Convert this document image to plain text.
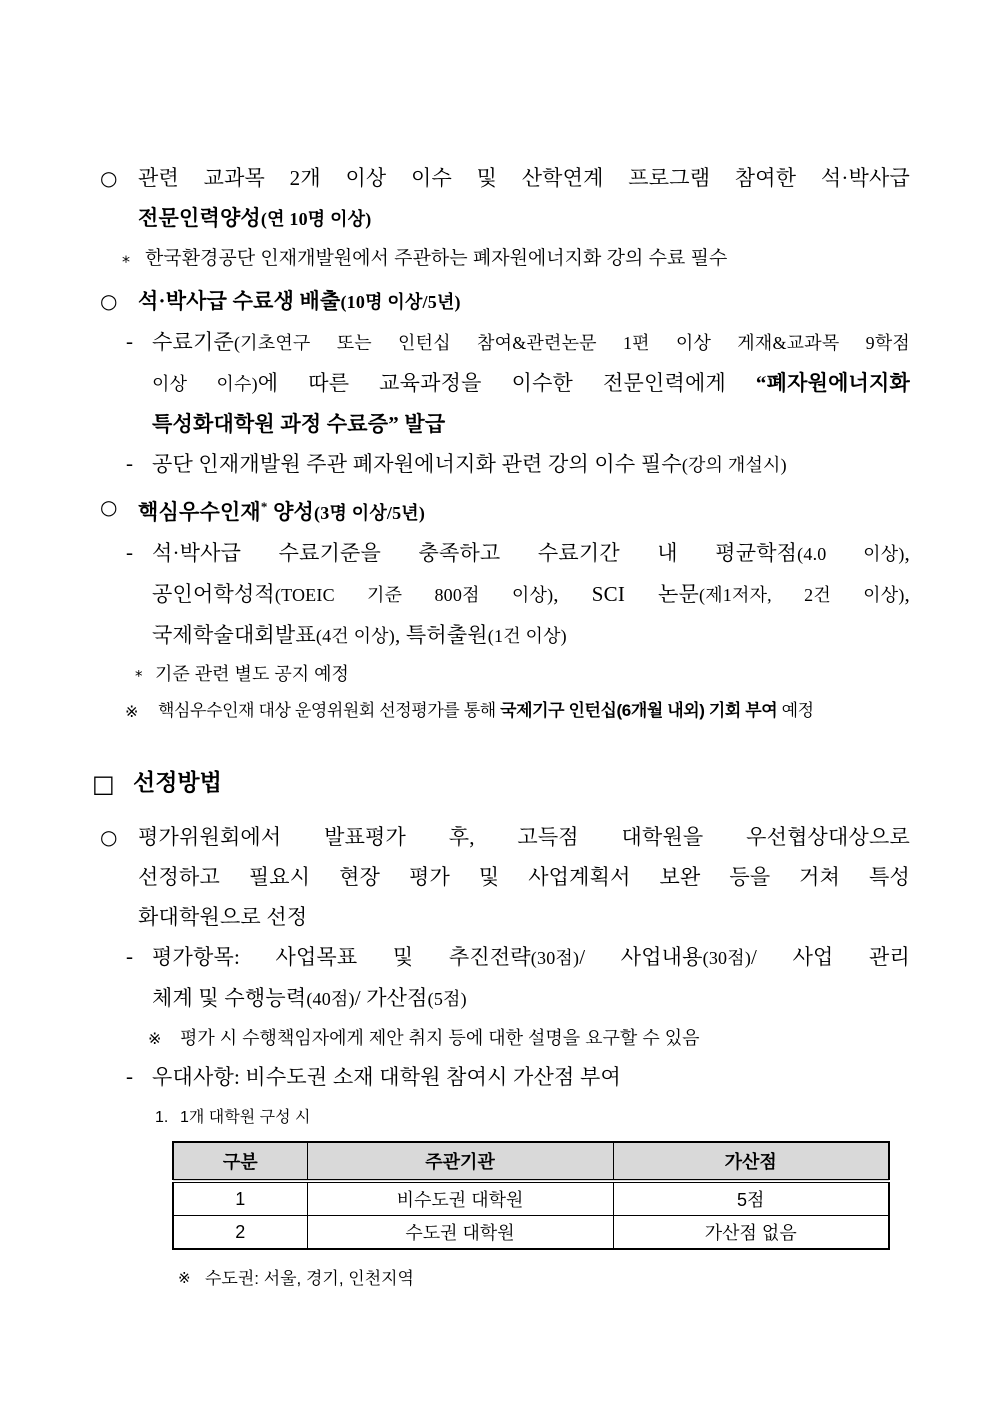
○ 관련 교과목 2개 이상 이수 및 산학연계 프로그램 참여한 석·박사급
전문인력양성(연 10명 이상)
* 한국환경공단 인재개발원에서 주관하는 폐자원에너지화 강의 수료 필수
○ 석·박사급 수료생 배출(10명 이상/5년)
- 수료기준(기초연구 또는 인턴십 참여&관련논문 1편 이상 게재&교과목 9학점
이상 이수)에 따른 교육과정을 이수한 전문인력에게 “폐자원에너지화
특성화대학원 과정 수료증” 발급
- 공단 인재개발원 주관 폐자원에너지화 관련 강의 이수 필수(강의 개설시)
○ 핵심우수인재* 양성(3명 이상/5년)
- 석·박사급 수료기준을 충족하고 수료기간 내 평균학점(4.0 이상),
공인어학성적(TOEIC 기준 800점 이상), SCI 논문(제1저자, 2건 이상),
국제학술대회발표(4건 이상), 특허출원(1건 이상)
* 기준 관련 별도 공지 예정
※ 핵심우수인재 대상 운영위원회 선정평가를 통해 국제기구 인턴십(6개월 내외) 기회 부여 예정
□ 선정방법
○ 평가위원회에서 발표평가 후, 고득점 대학원을 우선협상대상으로
선정하고 필요시 현장 평가 및 사업계획서 보완 등을 거쳐 특성
화대학원으로 선정
- 평가항목: 사업목표 및 추진전략(30점)/ 사업내용(30점)/ 사업 관리
체계 및 수행능력(40점)/ 가산점(5점)
※ 평가 시 수행책임자에게 제안 취지 등에 대한 설명을 요구할 수 있음
- 우대사항: 비수도권 소재 대학원 참여시 가산점 부여
1. 1개 대학원 구성 시
구분	주관기관	가산점
1	비수도권 대학원	5점
2	수도권 대학원	가산점 없음
※ 수도권: 서울, 경기, 인천지역
